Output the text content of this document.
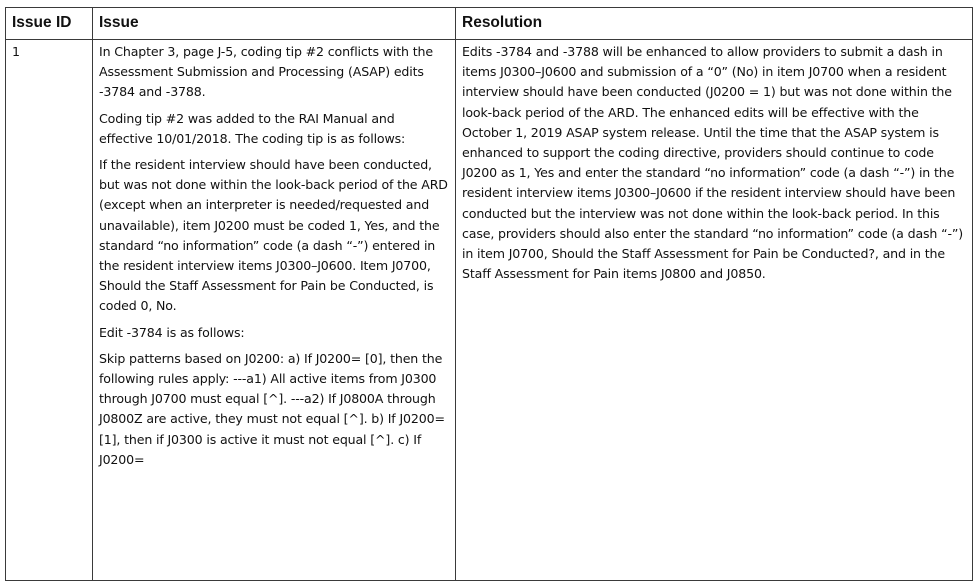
Issue ID	Issue	Resolution
1	In Chapter 3, page J-5, coding tip #2 conflicts with the Assessment Submission and Processing (ASAP) edits -3784 and -3788.

Coding tip #2 was added to the RAI Manual and effective 10/01/2018. The coding tip is as follows:

If the resident interview should have been conducted, but was not done within the look-back period of the ARD (except when an interpreter is needed/requested and unavailable), item J0200 must be coded 1, Yes, and the standard “no information” code (a dash “-”) entered in the resident interview items J0300–J0600. Item J0700, Should the Staff Assessment for Pain be Conducted, is coded 0, No.

Edit -3784 is as follows:

Skip patterns based on J0200: a) If J0200= [0], then the following rules apply: ---a1) All active items from J0300 through J0700 must equal [^]. ---a2) If J0800A through J0800Z are active, they must not equal [^]. b) If J0200= [1], then if J0300 is active it must not equal [^]. c) If J0200=

	Edits -3784 and -3788 will be enhanced to allow providers to submit a dash in items J0300–J0600 and submission of a “0” (No) in item J0700 when a resident interview should have been conducted (J0200 = 1) but was not done within the look-back period of the ARD. The enhanced edits will be effective with the October 1, 2019 ASAP system release. Until the time that the ASAP system is enhanced to support the coding directive, providers should continue to code J0200 as 1, Yes and enter the standard “no information” code (a dash “-”) in the resident interview items J0300–J0600 if the resident interview should have been conducted but the interview was not done within the look-back period. In this case, providers should also enter the standard “no information” code (a dash “-”) in item J0700, Should the Staff Assessment for Pain be Conducted?, and in the Staff Assessment for Pain items J0800 and J0850.
